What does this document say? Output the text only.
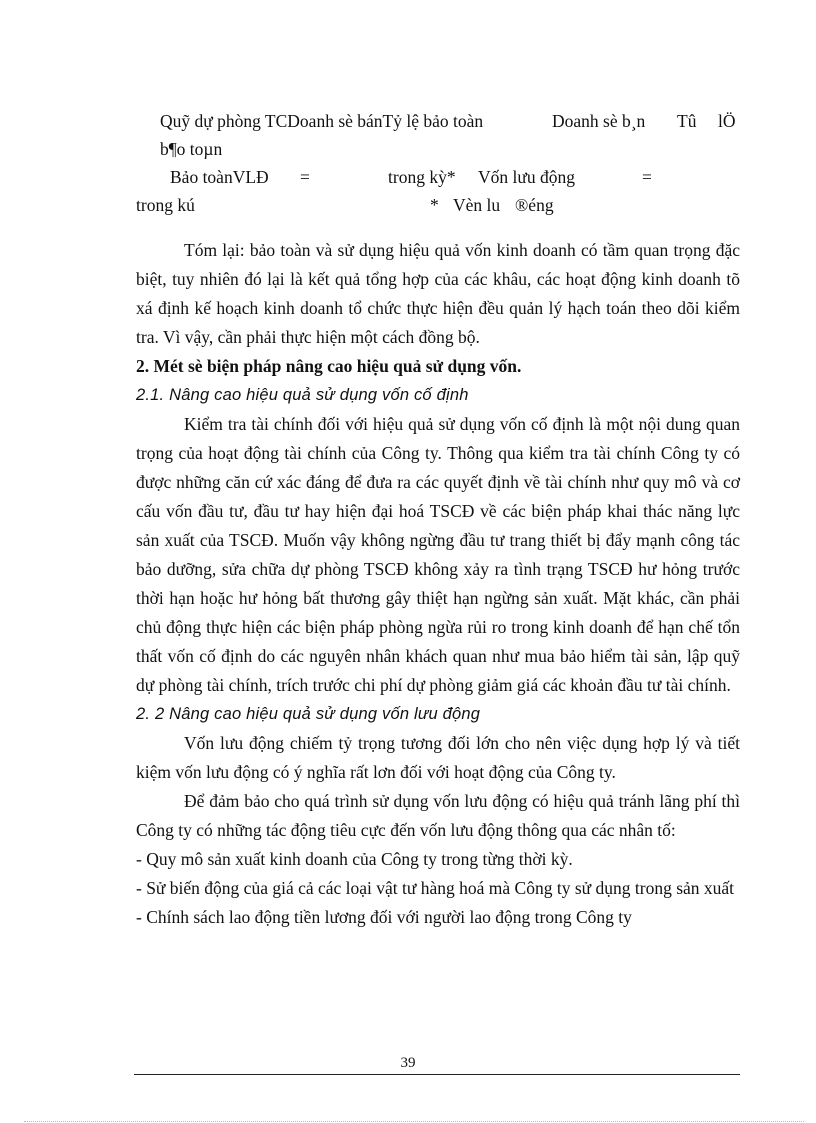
Quỹ dự phòng TCDoanh sè bánTỷ lệ bảo toàn	Doanh sè b¸n Tû lÖ
b¶o toµn
Bảo toànVLĐ =	trong kỳ* Vốn lưu động	=
trong kú	* Vèn lu ®éng

Tóm lại: bảo toàn và sử dụng hiệu quả vốn kinh doanh có tầm quan trọng đặc biệt, tuy nhiên đó lại là kết quả tổng hợp của các khâu, các hoạt động kinh doanh tõ xá định kế hoạch kinh doanh tổ chức thực hiện đều quản lý hạch toán theo dõi kiểm tra. Vì vậy, cần phải thực hiện một cách đồng bộ.

2. Mét sè biện pháp nâng cao hiệu quả sử dụng vốn.

2.1. Nâng cao hiệu quả sử dụng vốn cố định

Kiểm tra tài chính đối với hiệu quả sử dụng vốn cố định là một nội dung quan trọng của hoạt động tài chính của Công ty. Thông qua kiểm tra tài chính Công ty có được những căn cứ xác đáng để đưa ra các quyết định về tài chính như quy mô và cơ cấu vốn đầu tư, đầu tư hay hiện đại hoá TSCĐ về các biện pháp khai thác năng lực sản xuất của TSCĐ. Muốn vậy không ngừng đầu tư trang thiết bị đẩy mạnh công tác bảo dưỡng, sửa chữa dự phòng TSCĐ không xảy ra tình trạng TSCĐ hư hỏng trước thời hạn hoặc hư hỏng bất thương gây thiệt hạn ngừng sản xuất. Mặt khác, cần phải chủ động thực hiện các biện pháp phòng ngừa rủi ro trong kinh doanh để hạn chế tổn thất vốn cố định do các nguyên nhân khách quan như mua bảo hiểm tài sản, lập quỹ dự phòng tài chính, trích trước chi phí dự phòng giảm giá các khoản đầu tư tài chính.

2. 2 Nâng cao hiệu quả sử dụng vốn lưu động

Vốn lưu động chiếm tỷ trọng tương đối lớn cho nên việc dụng hợp lý và tiết kiệm vốn lưu động có ý nghĩa rất lơn đối với hoạt động của Công ty.

Để đảm bảo cho quá trình sử dụng vốn lưu động có hiệu quả tránh lãng phí thì Công ty có những tác động tiêu cực đến vốn lưu động thông qua các nhân tố:

- Quy mô sản xuất kinh doanh của Công ty trong từng thời kỳ.

- Sử biến động của giá cả các loại vật tư hàng hoá mà Công ty sử dụng trong sản xuất

- Chính sách lao động tiền lương đối với người lao động trong Công ty

39
